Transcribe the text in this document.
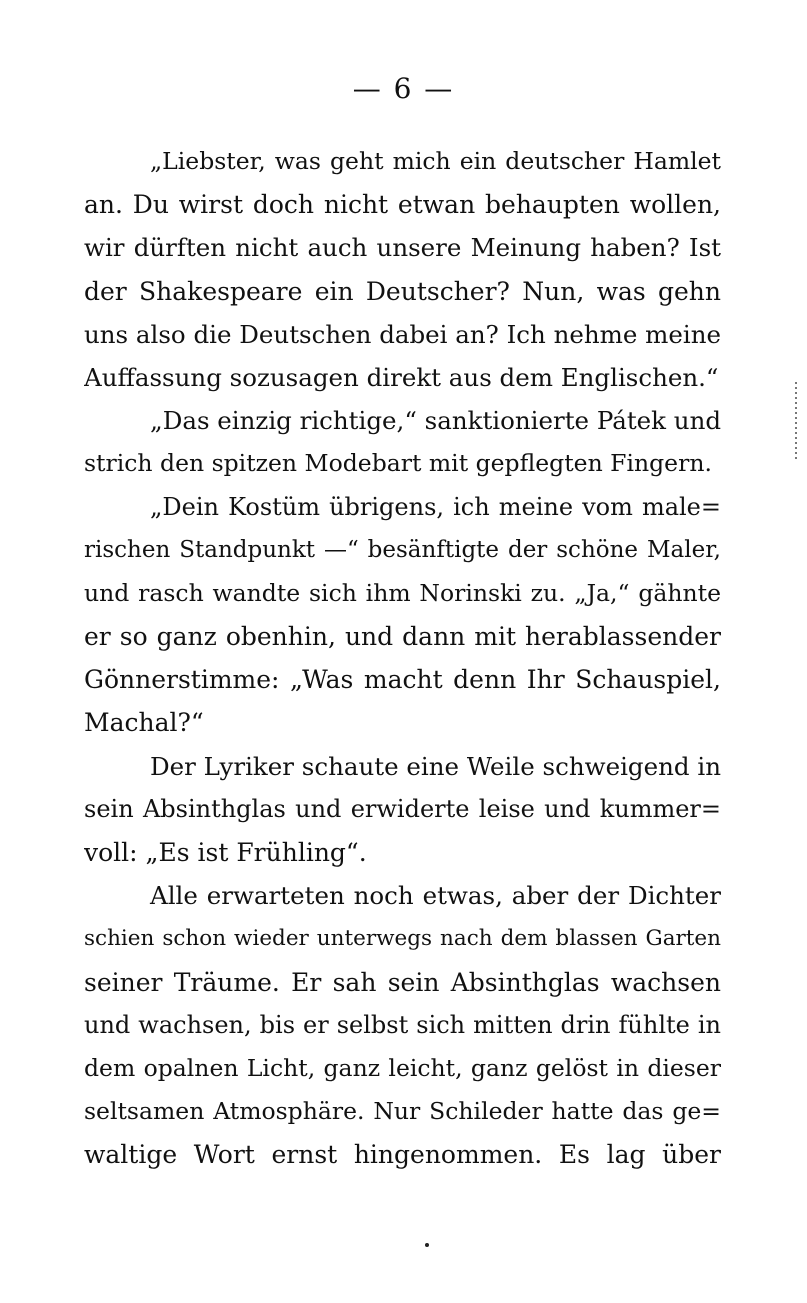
— 6 —
„Liebster, was geht mich ein deutscher Hamlet
an. Du wirst doch nicht etwan behaupten wollen,
wir dürften nicht auch unsere Meinung haben? Ist
der Shakespeare ein Deutscher? Nun, was gehn
uns also die Deutschen dabei an? Ich nehme meine
Auffassung sozusagen direkt aus dem Englischen.“
„Das einzig richtige,“ sanktionierte Pátek und
strich den spitzen Modebart mit gepflegten Fingern.
„Dein Kostüm übrigens, ich meine vom male=
rischen Standpunkt —“ besänftigte der schöne Maler,
und rasch wandte sich ihm Norinski zu. „Ja,“ gähnte
er so ganz obenhin, und dann mit herablassender
Gönnerstimme: „Was macht denn Ihr Schauspiel,
Machal?“
Der Lyriker schaute eine Weile schweigend in
sein Absinthglas und erwiderte leise und kummer=
voll: „Es ist Frühling“.
Alle erwarteten noch etwas, aber der Dichter
schien schon wieder unterwegs nach dem blassen Garten
seiner Träume. Er sah sein Absinthglas wachsen
und wachsen, bis er selbst sich mitten drin fühlte in
dem opalnen Licht, ganz leicht, ganz gelöst in dieser
seltsamen Atmosphäre. Nur Schileder hatte das ge=
waltige Wort ernst hingenommen. Es lag über
